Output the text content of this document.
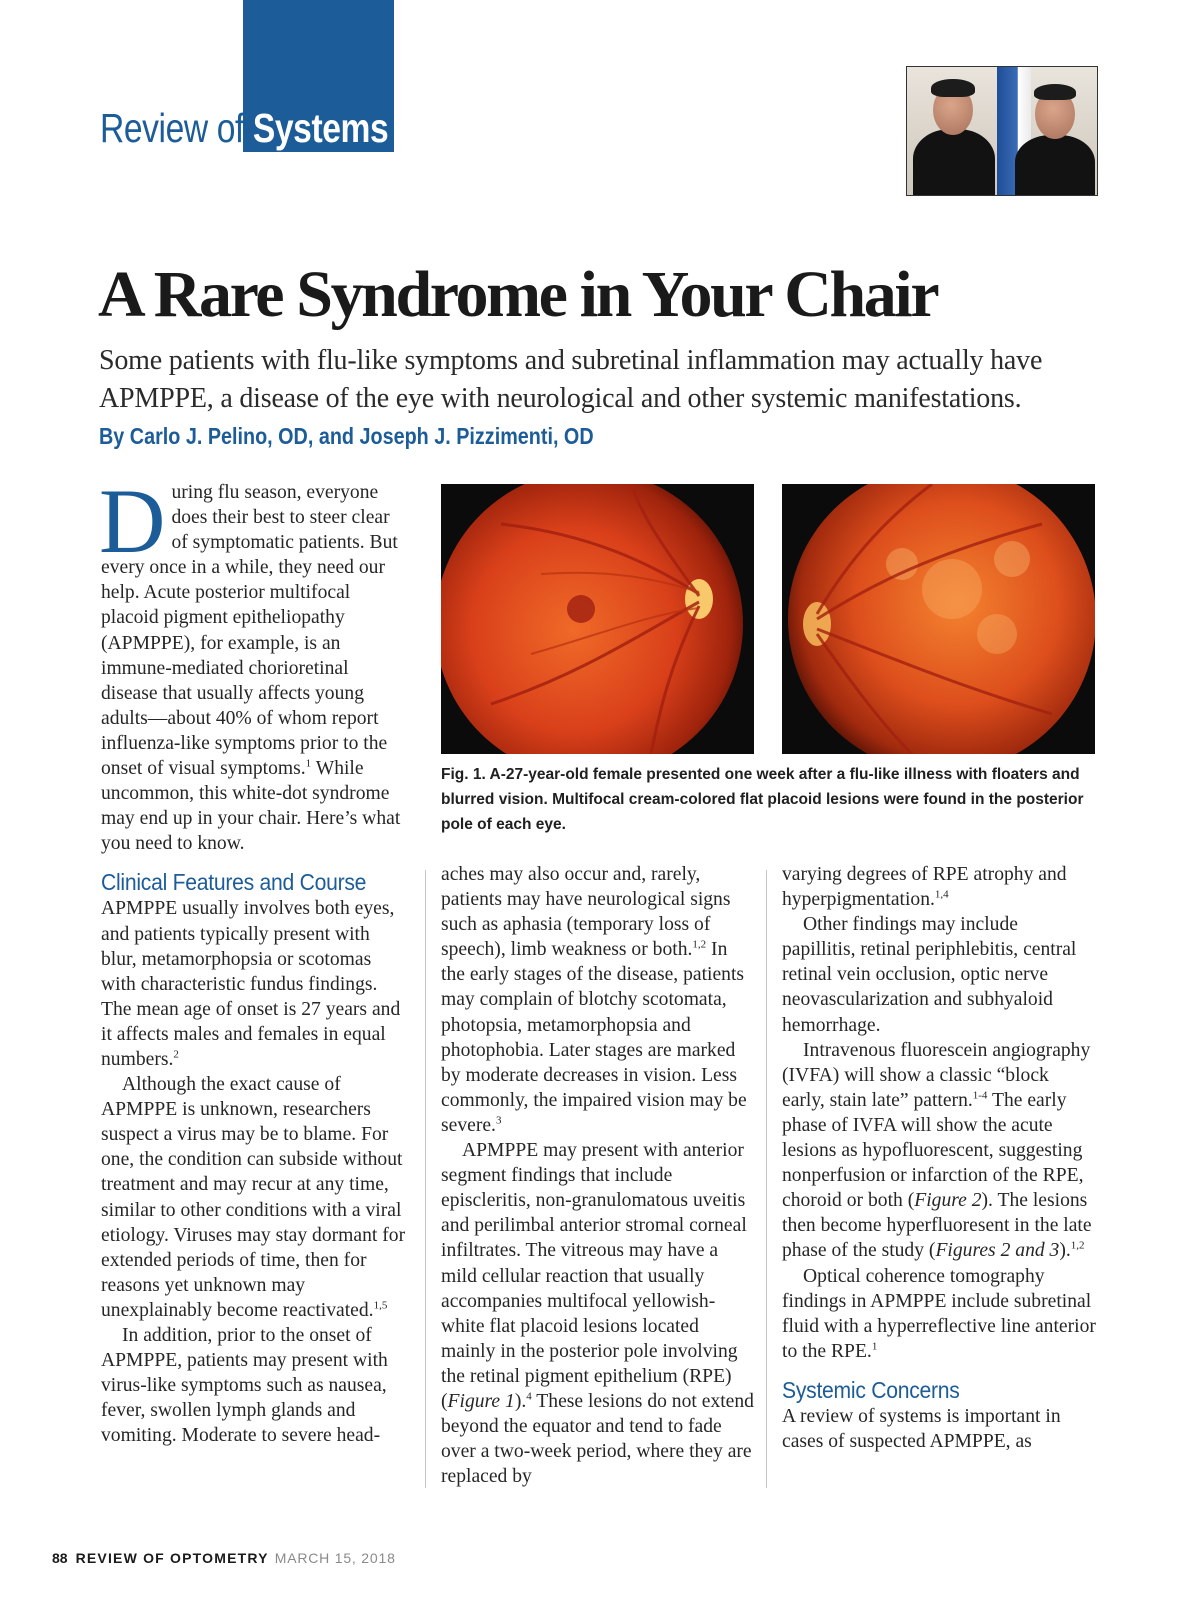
Review of Systems
A Rare Syndrome in Your Chair
Some patients with flu-like symptoms and subretinal inflammation may actually have APMPPE, a disease of the eye with neurological and other systemic manifestations.
By Carlo J. Pelino, OD, and Joseph J. Pizzimenti, OD

During flu season, everyone does their best to steer clear of symptomatic patients. But every once in a while, they need our help. Acute posterior multifocal placoid pigment epitheliopathy (APMPPE), for example, is an immune-mediated chorioretinal disease that usually affects young adults—about 40% of whom report influenza-like symptoms prior to the onset of visual symptoms.$^1$ While uncommon, this white-dot syndrome may end up in your chair. Here’s what you need to know.

Clinical Features and Course

APMPPE usually involves both eyes, and patients typically present with blur, metamorphopsia or scotomas with characteristic fundus findings. The mean age of onset is 27 years and it affects males and females in equal numbers.$^2$

Although the exact cause of APMPPE is unknown, researchers suspect a virus may be to blame. For one, the condition can subside without treatment and may recur at any time, similar to other conditions with a viral etiology. Viruses may stay dormant for extended periods of time, then for reasons yet unknown may unexplainably become reactivated.$^{1,5}$

In addition, prior to the onset of APMPPE, patients may present with virus-like symptoms such as nausea, fever, swollen lymph glands and vomiting. Moderate to severe head-

Fig. 1. A-27-year-old female presented one week after a flu-like illness with floaters and blurred vision. Multifocal cream-colored flat placoid lesions were found in the posterior pole of each eye.

aches may also occur and, rarely, patients may have neurological signs such as aphasia (temporary loss of speech), limb weakness or both.$^{1,2}$ In the early stages of the disease, patients may complain of blotchy scotomata, photopsia, metamorphopsia and photophobia. Later stages are marked by moderate decreases in vision. Less commonly, the impaired vision may be severe.$^3$

APMPPE may present with anterior segment findings that include episcleritis, non-granulomatous uveitis and perilimbal anterior stromal corneal infiltrates. The vitreous may have a mild cellular reaction that usually accompanies multifocal yellowish-white flat placoid lesions located mainly in the posterior pole involving the retinal pigment epithelium (RPE) (Figure 1).$^4$ These lesions do not extend beyond the equator and tend to fade over a two-week period, where they are replaced by

varying degrees of RPE atrophy and hyperpigmentation.$^{1,4}$

Other findings may include papillitis, retinal periphlebitis, central retinal vein occlusion, optic nerve neovascularization and subhyaloid hemorrhage.

Intravenous fluorescein angiography (IVFA) will show a classic “block early, stain late” pattern.$^{1-4}$ The early phase of IVFA will show the acute lesions as hypofluorescent, suggesting nonperfusion or infarction of the RPE, choroid or both (Figure 2). The lesions then become hyperfluoresent in the late phase of the study (Figures 2 and 3).$^{1,2}$

Optical coherence tomography findings in APMPPE include subretinal fluid with a hyperreflective line anterior to the RPE.$^1$

Systemic Concerns

A review of systems is important in cases of suspected APMPPE, as

88 REVIEW OF OPTOMETRY MARCH 15, 2018
